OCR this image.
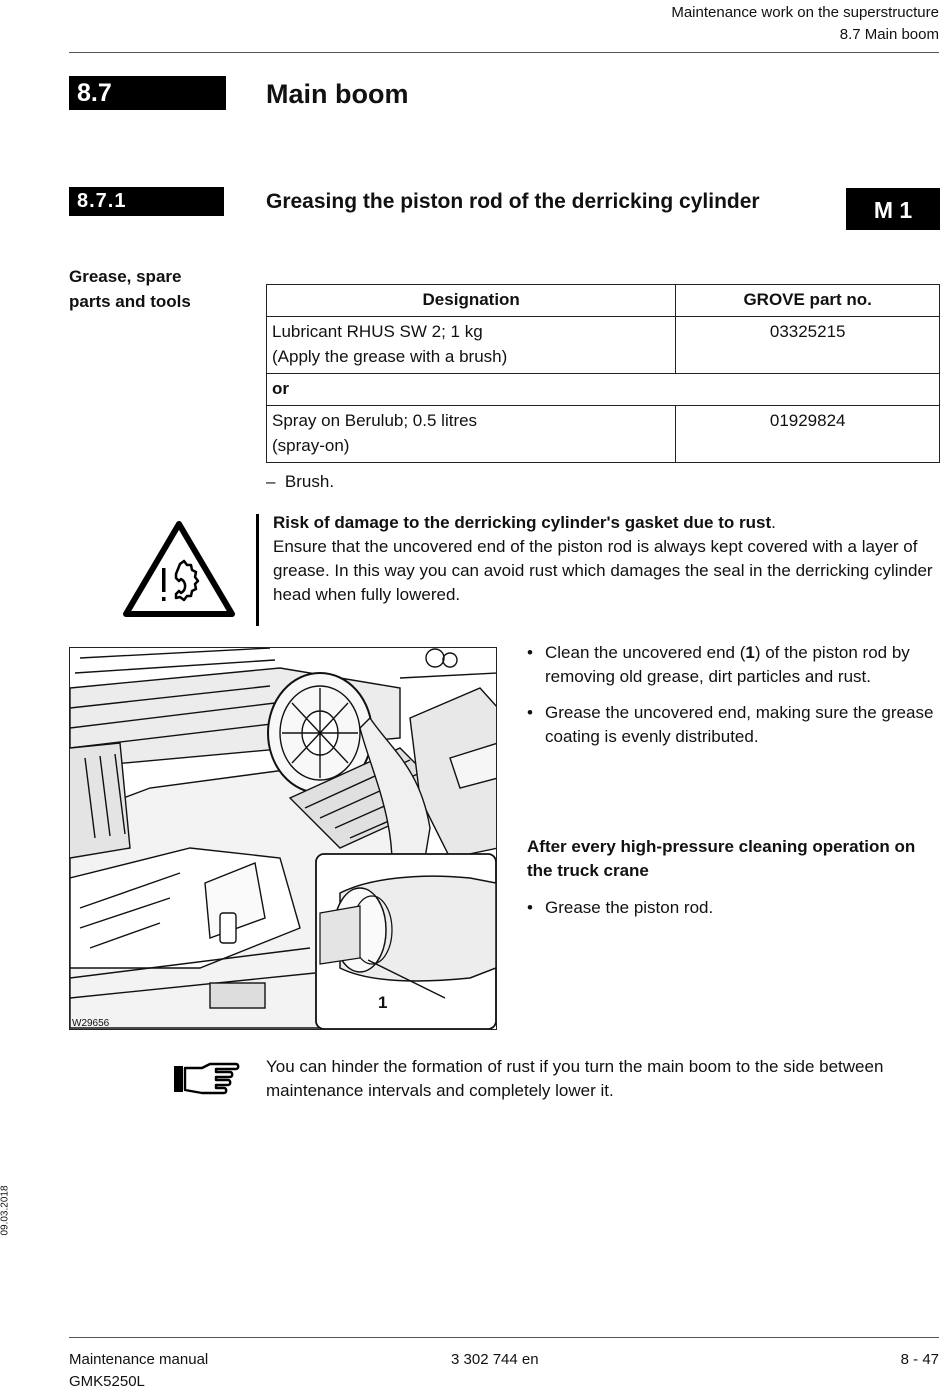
Maintenance work on the superstructure
8.7 Main boom
8.7	Main boom
8.7.1	Greasing the piston rod of the derricking cylinder	M 1
Grease, spare
parts and tools	Designation	GROVE part no.

Lubricant RHUS SW 2; 1 kg
(Apply the grease with a brush)	03325215
or	

Spray on Berulub; 0.5 litres
(spray-on)	01929824
– Brush.
Risk of damage to the derricking cylinder's gasket due to rust.
Ensure that the uncovered end of the piston rod is always kept covered with a layer of grease. In this way you can avoid rust which damages the seal in the derricking cylinder head when fully lowered.
1
W29656
• Clean the uncovered end (1) of the piston rod by removing old grease, dirt particles and rust.
• Grease the uncovered end, making sure the grease coating is evenly distributed.
After every high-pressure cleaning operation on the truck crane
• Grease the piston rod.
You can hinder the formation of rust if you turn the main boom to the side between maintenance intervals and completely lower it.
09.03.2018
Maintenance manual
GMK5250L
3 302 744 en	8 - 47
